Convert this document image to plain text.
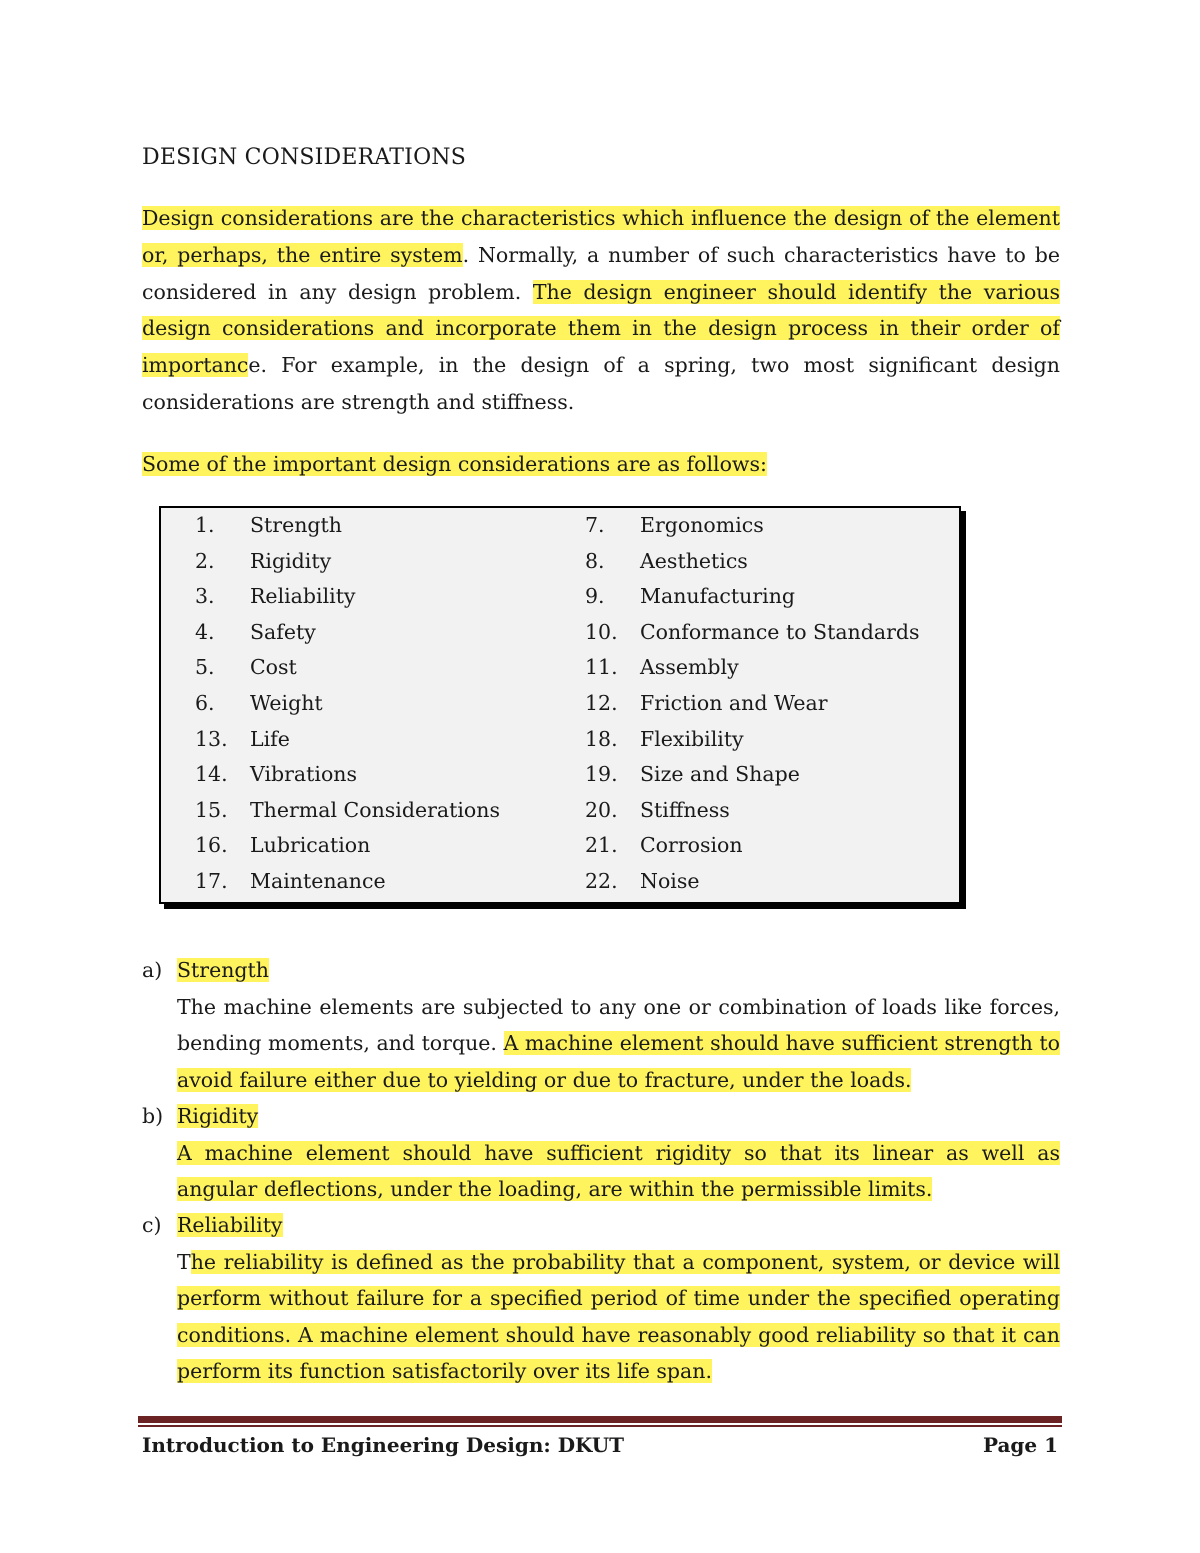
DESIGN CONSIDERATIONS

Design considerations are the characteristics which influence the design of the element or, perhaps, the entire system. Normally, a number of such characteristics have to be considered in any design problem. The design engineer should identify the various design considerations and incorporate them in the design process in their order of importance. For example, in the design of a spring, two most significant design considerations are strength and stiffness.

Some of the important design considerations are as follows:

1.	Strength
2.	Rigidity
3.	Reliability
4.	Safety
5.	Cost
6.	Weight
13.	Life
14.	Vibrations
15.	Thermal Considerations
16.	Lubrication
17.	Maintenance
7.	Ergonomics
8.	Aesthetics
9.	Manufacturing
10.	Conformance to Standards
11.	Assembly
12.	Friction and Wear
18.	Flexibility
19.	Size and Shape
20.	Stiffness
21.	Corrosion
22.	Noise
a) Strength

The machine elements are subjected to any one or combination of loads like forces, bending moments, and torque. A machine element should have sufficient strength to avoid failure either due to yielding or due to fracture, under the loads.

b) Rigidity

A machine element should have sufficient rigidity so that its linear as well as angular deflections, under the loading, are within the permissible limits.

c) Reliability

The reliability is defined as the probability that a component, system, or device will perform without failure for a specified period of time under the specified operating conditions. A machine element should have reasonably good reliability so that it can perform its function satisfactorily over its life span.

Introduction to Engineering Design: DKUT	Page 1
